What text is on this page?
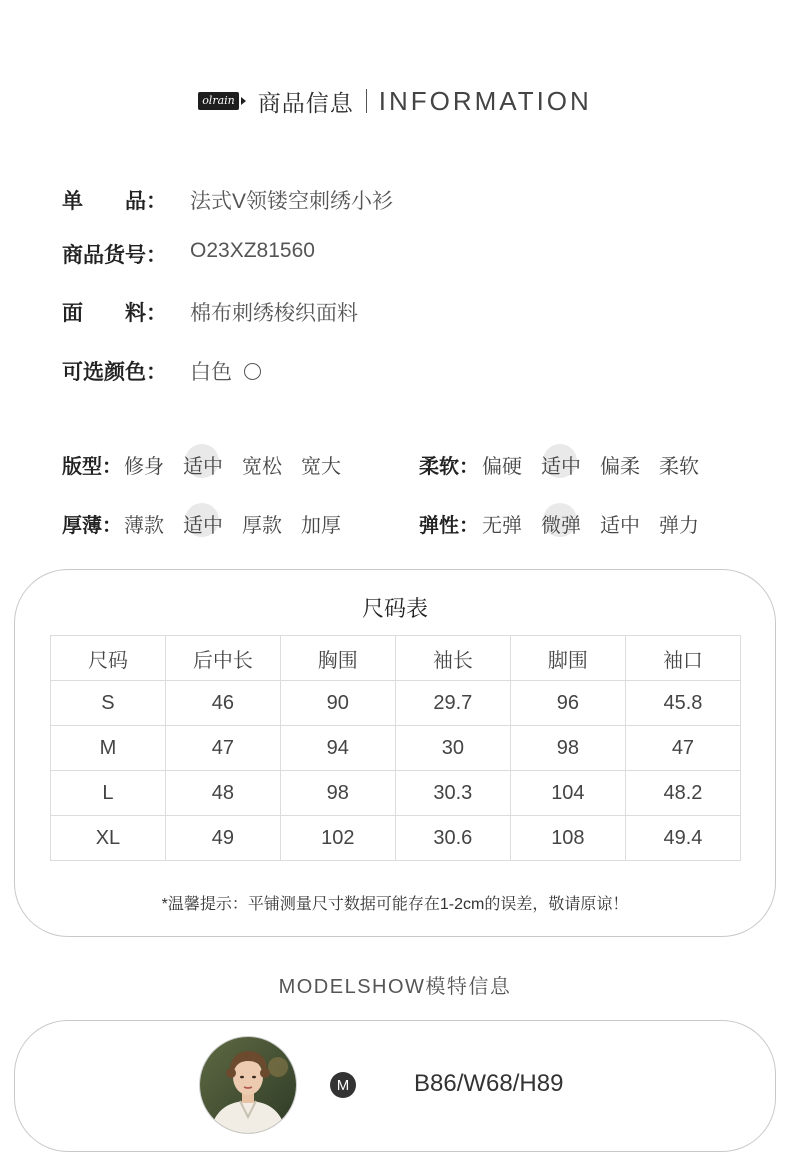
olrain 商品信息 INFORMATION
单　　品： 法式V领镂空刺绣小衫
商品货号： O23XZ81560
面　　料： 棉布刺绣梭织面料
可选颜色： 白色
版型： 修身 适中 宽松 宽大	柔软： 偏硬 适中 偏柔 柔软
厚薄： 薄款 适中 厚款 加厚	弹性： 无弹 微弹 适中 弹力
尺码表
尺码	后中长	胸围	袖长	脚围	袖口
S	46	90	29.7	96	45.8
M	47	94	30	98	47
L	48	98	30.3	104	48.2
XL	49	102	30.6	108	49.4
*温馨提示：平铺测量尺寸数据可能存在1-2cm的误差，敬请原谅！
MODELSHOW模特信息
M	B86/W68/H89
